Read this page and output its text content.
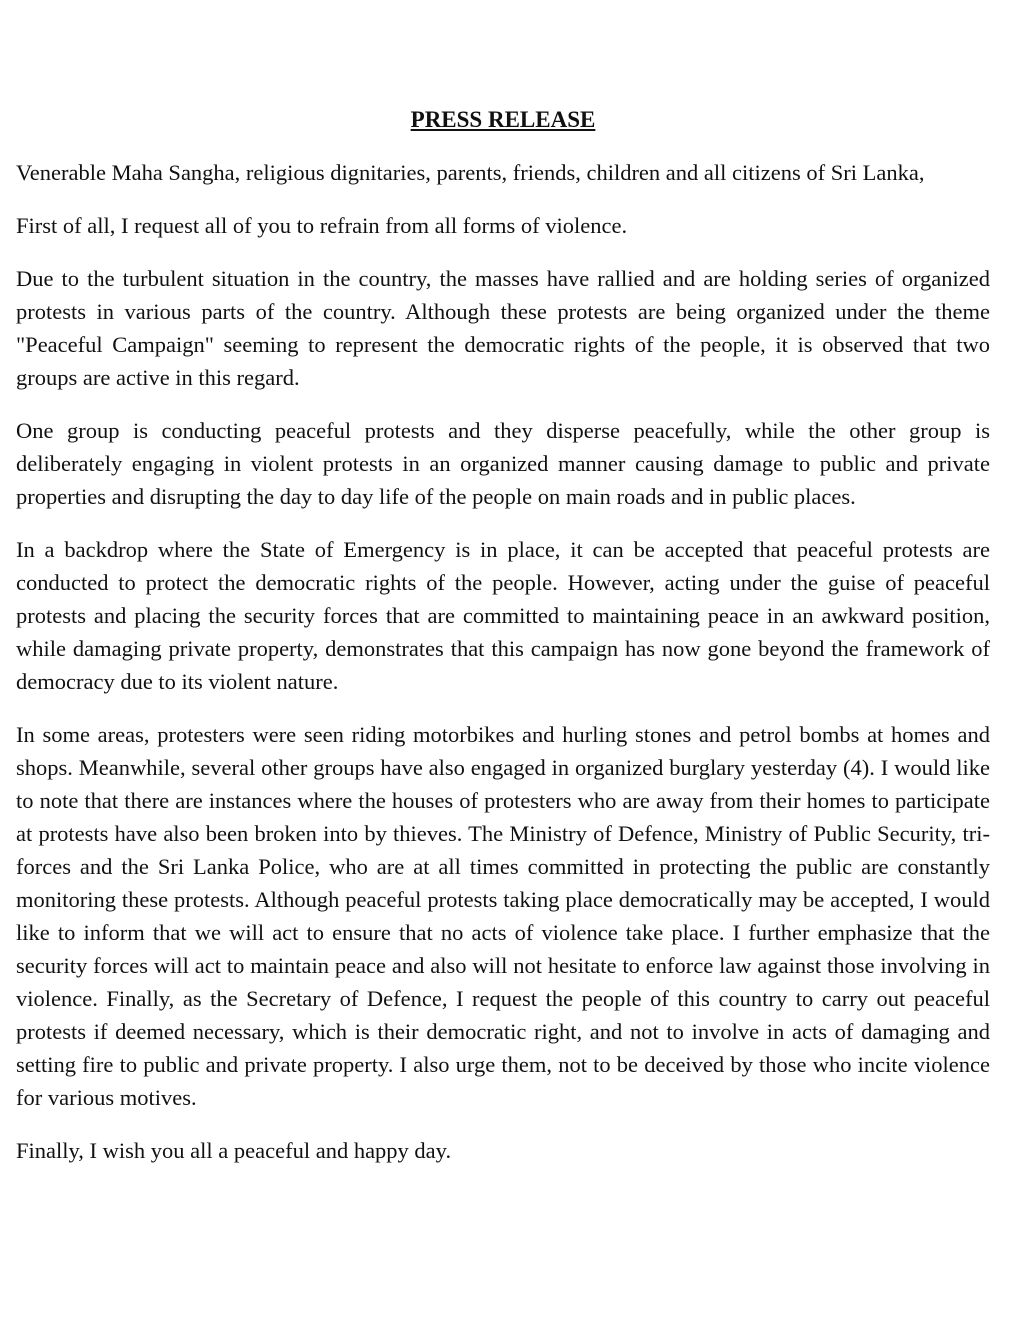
PRESS RELEASE

Venerable Maha Sangha, religious dignitaries, parents, friends, children and all citizens of Sri Lanka,

First of all, I request all of you to refrain from all forms of violence.

Due to the turbulent situation in the country, the masses have rallied and are holding series of organized protests in various parts of the country. Although these protests are being organized under the theme "Peaceful Campaign" seeming to represent the democratic rights of the people, it is observed that two groups are active in this regard.

One group is conducting peaceful protests and they disperse peacefully, while the other group is deliberately engaging in violent protests in an organized manner causing damage to public and private properties and disrupting the day to day life of the people on main roads and in public places.

In a backdrop where the State of Emergency is in place, it can be accepted that peaceful protests are conducted to protect the democratic rights of the people. However, acting under the guise of peaceful protests and placing the security forces that are committed to maintaining peace in an awkward position, while damaging private property, demonstrates that this campaign has now gone beyond the framework of democracy due to its violent nature.

In some areas, protesters were seen riding motorbikes and hurling stones and petrol bombs at homes and shops. Meanwhile, several other groups have also engaged in organized burglary yesterday (4). I would like to note that there are instances where the houses of protesters who are away from their homes to participate at protests have also been broken into by thieves. The Ministry of Defence, Ministry of Public Security, tri-forces and the Sri Lanka Police, who are at all times committed in protecting the public are constantly monitoring these protests. Although peaceful protests taking place democratically may be accepted, I would like to inform that we will act to ensure that no acts of violence take place. I further emphasize that the security forces will act to maintain peace and also will not hesitate to enforce law against those involving in violence. Finally, as the Secretary of Defence, I request the people of this country to carry out peaceful protests if deemed necessary, which is their democratic right, and not to involve in acts of damaging and setting fire to public and private property. I also urge them, not to be deceived by those who incite violence for various motives.

Finally, I wish you all a peaceful and happy day.
